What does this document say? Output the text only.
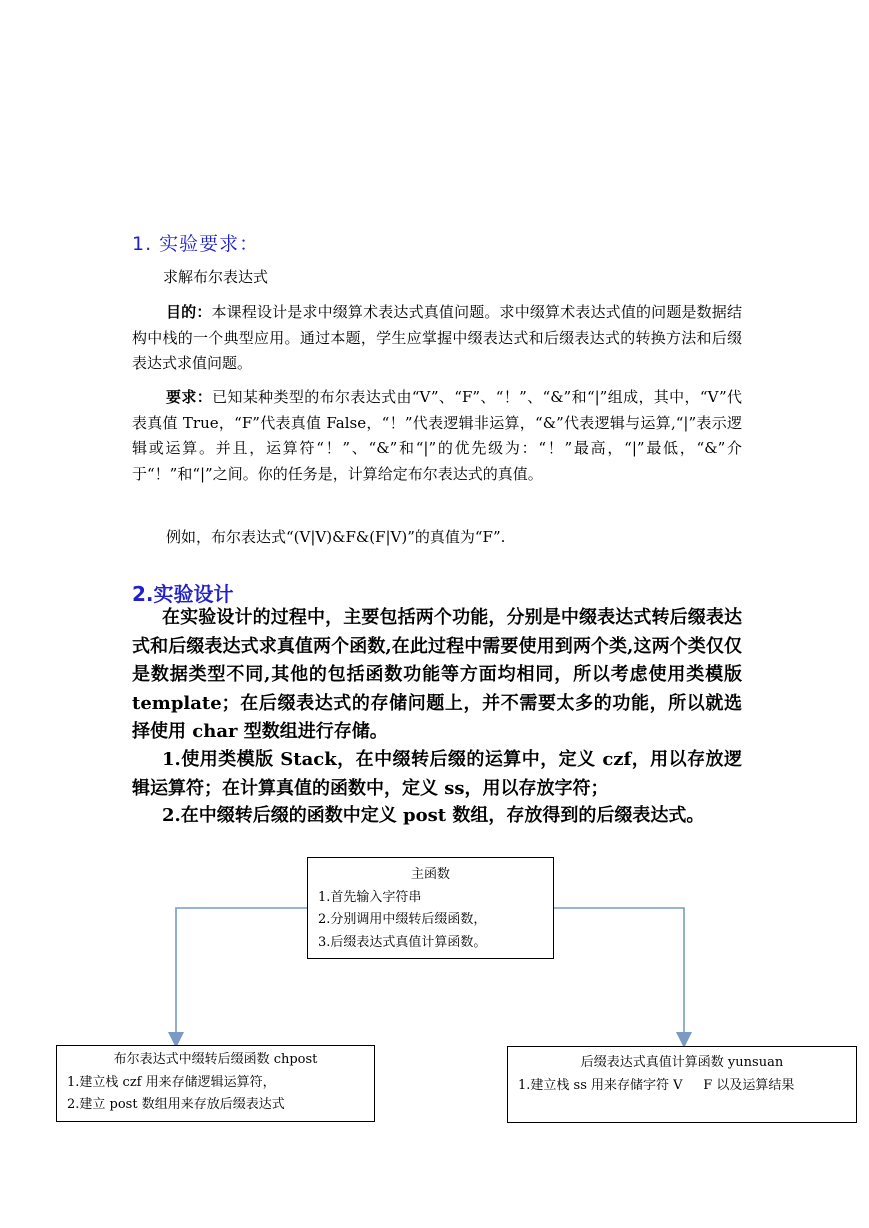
1. 实验要求：
求解布尔表达式
目的：本课程设计是求中缀算术表达式真值问题。求中缀算术表达式值的问题是数据结构中栈的一个典型应用。通过本题，学生应掌握中缀表达式和后缀表达式的转换方法和后缀表达式求值问题。
要求：已知某种类型的布尔表达式由“V”、“F”、“！”、“&”和“|”组成，其中，“V”代表真值 True，“F”代表真值 False，“！”代表逻辑非运算，“&”代表逻辑与运算,“|”表示逻辑或运算。并且，运算符“！”、“&”和“|”的优先级为：“！”最高，“|”最低，“&”介于“！”和“|”之间。你的任务是，计算给定布尔表达式的真值。
例如，布尔表达式“(V|V)&F&(F|V)”的真值为“F”.
2.实验设计
在实验设计的过程中，主要包括两个功能，分别是中缀表达式转后缀表达式和后缀表达式求真值两个函数,在此过程中需要使用到两个类,这两个类仅仅是数据类型不同,其他的包括函数功能等方面均相同，所以考虑使用类模版 template；在后缀表达式的存储问题上，并不需要太多的功能，所以就选择使用 char 型数组进行存储。
1.使用类模版 Stack，在中缀转后缀的运算中，定义 czf，用以存放逻辑运算符；在计算真值的函数中，定义 ss，用以存放字符；
2.在中缀转后缀的函数中定义 post 数组，存放得到的后缀表达式。
主函数
1.首先输入字符串
2.分别调用中缀转后缀函数，
3.后缀表达式真值计算函数。
布尔表达式中缀转后缀函数 chpost
1.建立栈 czf 用来存储逻辑运算符，
2.建立 post 数组用来存放后缀表达式
后缀表达式真值计算函数 yunsuan
1.建立栈 ss 用来存储字符 V     F 以及运算结果
